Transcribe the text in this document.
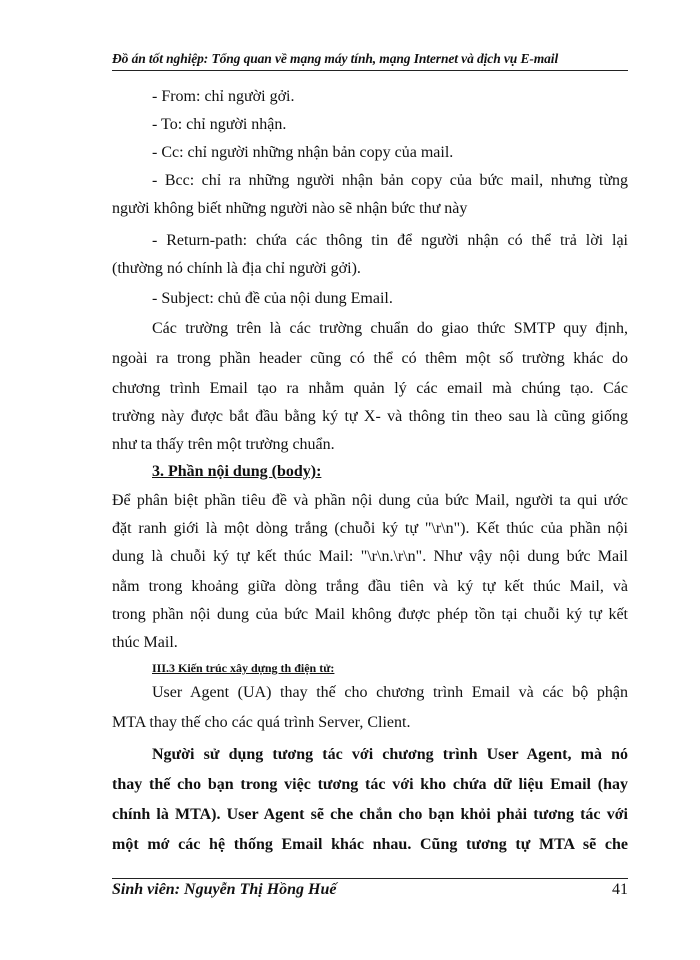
Đồ án tốt nghiệp: Tổng quan về mạng máy tính, mạng Internet và dịch vụ E-mail
- From: chỉ người gởi.
- To: chỉ người nhận.
- Cc: chỉ người những nhận bản copy của mail.
- Bcc: chỉ ra những người nhận bản copy của bức mail, nhưng từng
người không biết những người nào sẽ nhận bức thư này
- Return-path: chứa các thông tin để người nhận có thể trả lời lại
(thường nó chính là địa chỉ người gởi).
- Subject: chủ đề của nội dung Email.
Các trường trên là các trường chuẩn do giao thức SMTP quy định,
ngoài ra trong phần header cũng có thể có thêm một số trường khác do
chương trình Email tạo ra nhằm quản lý các email mà chúng tạo. Các
trường này được bắt đầu bằng ký tự X- và thông tin theo sau là cũng giống
như ta thấy trên một trường chuẩn.
3. Phần nội dung (body):
Để phân biệt phần tiêu đề và phần nội dung của bức Mail, người ta qui ước
đặt ranh giới là một dòng trắng (chuỗi ký tự "\r\n"). Kết thúc của phần nội
dung là chuỗi ký tự kết thúc Mail: "\r\n.\r\n". Như vậy nội dung bức Mail
nằm trong khoảng giữa dòng trắng đầu tiên và ký tự kết thúc Mail, và
trong phần nội dung của bức Mail không được phép tồn tại chuỗi ký tự kết
thúc Mail.
III.3 Kiến trúc xây dựng th điện tử:
User Agent (UA) thay thế cho chương trình Email và các bộ phận
MTA thay thế cho các quá trình Server, Client.
Người sử dụng tương tác với chương trình User Agent, mà nó
thay thế cho bạn trong việc tương tác với kho chứa dữ liệu Email (hay
chính là MTA). User Agent sẽ che chắn cho bạn khỏi phải tương tác với
một mớ các hệ thống Email khác nhau. Cũng tương tự MTA sẽ che
Sinh viên: Nguyễn Thị Hồng Huế	41
